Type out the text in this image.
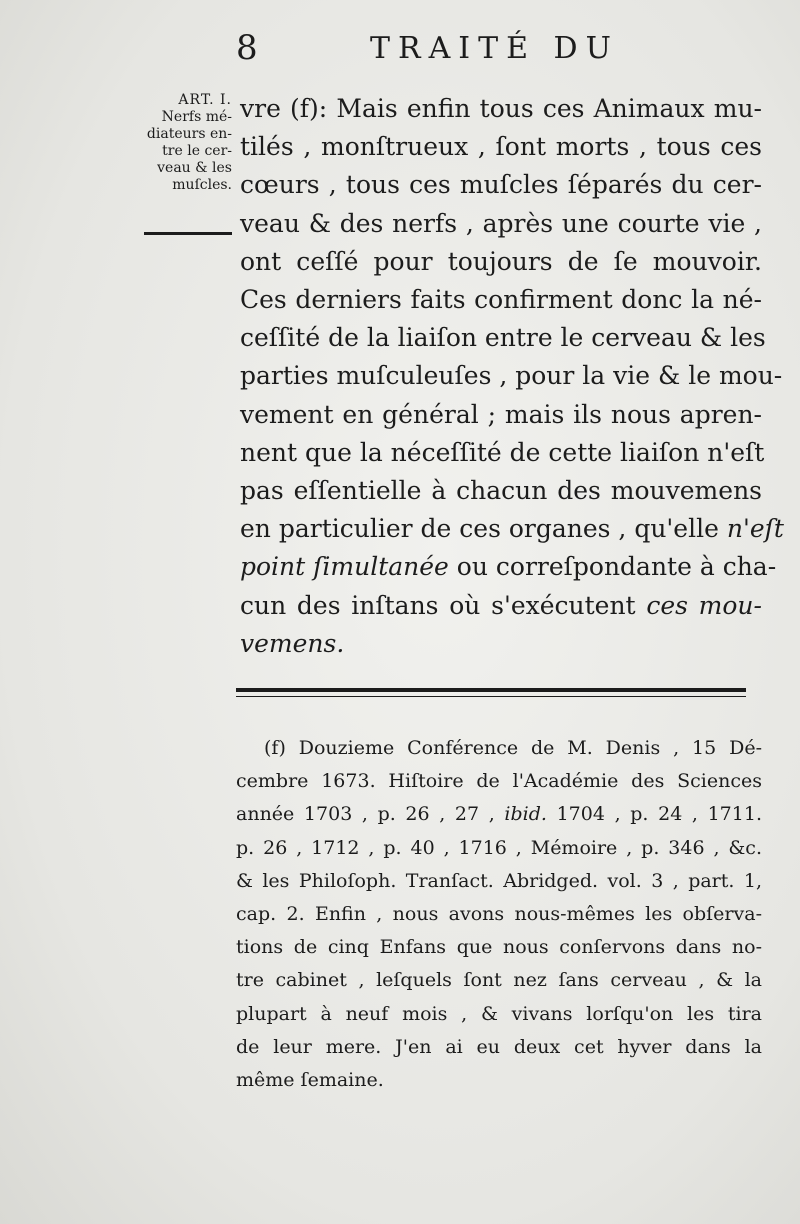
8	TRAITÉ DU
ART. I.
Nerfs mé-
diateurs en-
tre le cer-
veau & les
muſcles.
vre (f): Mais enfin tous ces Animaux mu-
tilés , monſtrueux , ſont morts , tous ces
cœurs , tous ces muſcles ſéparés du cer-
veau & des nerfs , après une courte vie ,
ont ceſſé pour toujours de ſe mouvoir.
Ces derniers faits confirment donc la né-
ceſſité de la liaiſon entre le cerveau & les
parties muſculeuſes , pour la vie & le mou-
vement en général ; mais ils nous apren-
nent que la néceſſité de cette liaiſon n'eſt
pas eſſentielle à chacun des mouvemens
en particulier de ces organes , qu'elle n'eſt
point ſimultanée ou correſpondante à cha-
cun des inſtans où s'exécutent ces mou-
vemens.
(f) Douzieme Conférence de M. Denis , 15 Dé-
cembre 1673. Hiſtoire de l'Académie des Sciences
année 1703 , p. 26 , 27 , ibid. 1704 , p. 24 , 1711.
p. 26 , 1712 , p. 40 , 1716 , Mémoire , p. 346 , &c.
& les Philoſoph. Tranſact. Abridged. vol. 3 , part. 1,
cap. 2. Enfin , nous avons nous-mêmes les obſerva-
tions de cinq Enfans que nous conſervons dans no-
tre cabinet , leſquels ſont nez ſans cerveau , & la
plupart à neuf mois , & vivans lorſqu'on les tira
de leur mere. J'en ai eu deux cet hyver dans la
même ſemaine.
